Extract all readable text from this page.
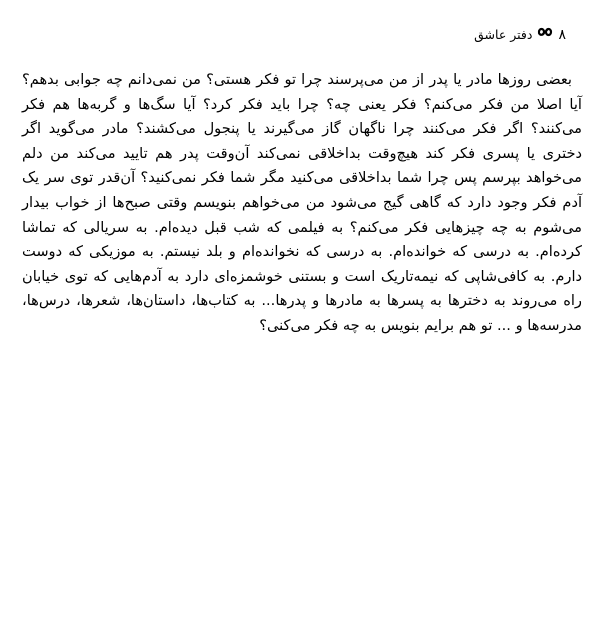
۸
دفتر عاشق

بعضی روزها مادر یا پدر از من می‌پرسند چرا تو فکر هستی؟ من نمی‌دانم چه جوابی بدهم؟ آیا اصلا من فکر می‌کنم؟ فکر یعنی چه؟ چرا باید فکر کرد؟ آیا سگ‌ها و گربه‌ها هم فکر می‌کنند؟ اگر فکر می‌کنند چرا ناگهان گاز می‌گیرند یا پنجول می‌کشند؟ مادر می‌گوید اگر دختری یا پسری فکر کند هیچ‌وقت بداخلاقی نمی‌کند آن‌وقت پدر هم تایید می‌کند من دلم می‌خواهد بپرسم پس چرا شما بداخلاقی می‌کنید مگر شما فکر نمی‌کنید؟ آن‌قدر توی سر یک آدم فکر وجود دارد که گاهی گیج می‌شود من می‌خواهم بنویسم وقتی صبح‌ها از خواب بیدار می‌شوم به چه چیزهایی فکر می‌کنم؟ به فیلمی که شب قبل دیده‌ام. به سریالی که تماشا کرده‌ام. به درسی که خوانده‌ام. به درسی که نخوانده‌ام و بلد نیستم. به موزیکی که دوست دارم. به کافی‌شاپی که نیمه‌تاریک است و بستنی خوشمزه‌ای دارد به آدم‌هایی که توی خیابان راه می‌روند به دخترها به پسرها به مادرها و پدرها... به کتاب‌ها، داستان‌ها، شعرها، درس‌ها، مدرسه‌ها و ... تو هم برایم بنویس به چه فکر می‌کنی؟
